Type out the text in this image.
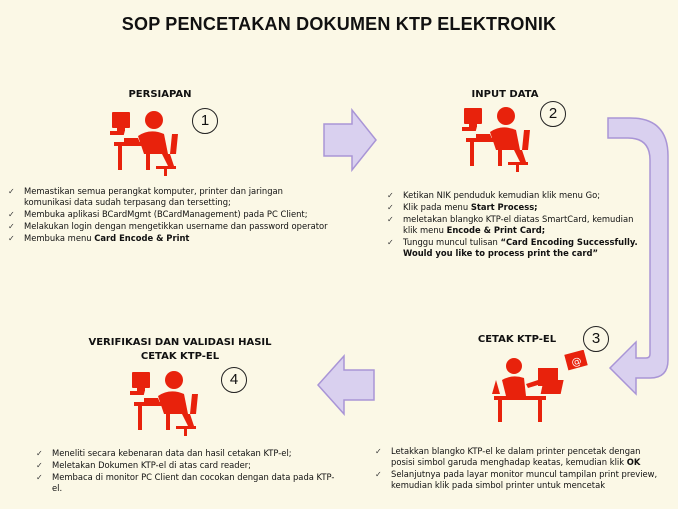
SOP PENCETAKAN DOKUMEN KTP ELEKTRONIK
PERSIAPAN
1
✓ Memastikan semua perangkat komputer, printer dan jaringan komunikasi data sudah terpasang dan tersetting;
✓ Membuka aplikasi BCardMgmt (BCardManagement) pada PC Client;
✓ Melakukan login dengan mengetikkan username dan password operator
✓ Membuka menu Card Encode & Print
INPUT DATA
2
✓ Ketikan NIK penduduk kemudian klik menu Go;
✓ Klik pada menu Start Process;
✓ meletakan blangko KTP-el diatas SmartCard, kemudian klik menu Encode & Print Card;
✓ Tunggu muncul tulisan “Card Encoding Successfully. Would you like to process print the card”
CETAK KTP-EL	3
@
✓ Letakkan blangko KTP-el ke dalam printer pencetak dengan posisi simbol garuda menghadap keatas, kemudian klik OK
✓ Selanjutnya pada layar monitor muncul tampilan print preview, kemudian klik pada simbol printer untuk mencetak
VERIFIKASI DAN VALIDASI HASIL
CETAK KTP-EL
4
✓ Meneliti secara kebenaran data dan hasil cetakan KTP-el;
✓ Meletakan Dokumen KTP-el di atas card reader;
✓ Membaca di monitor PC Client dan cocokan dengan data pada KTP-el.
